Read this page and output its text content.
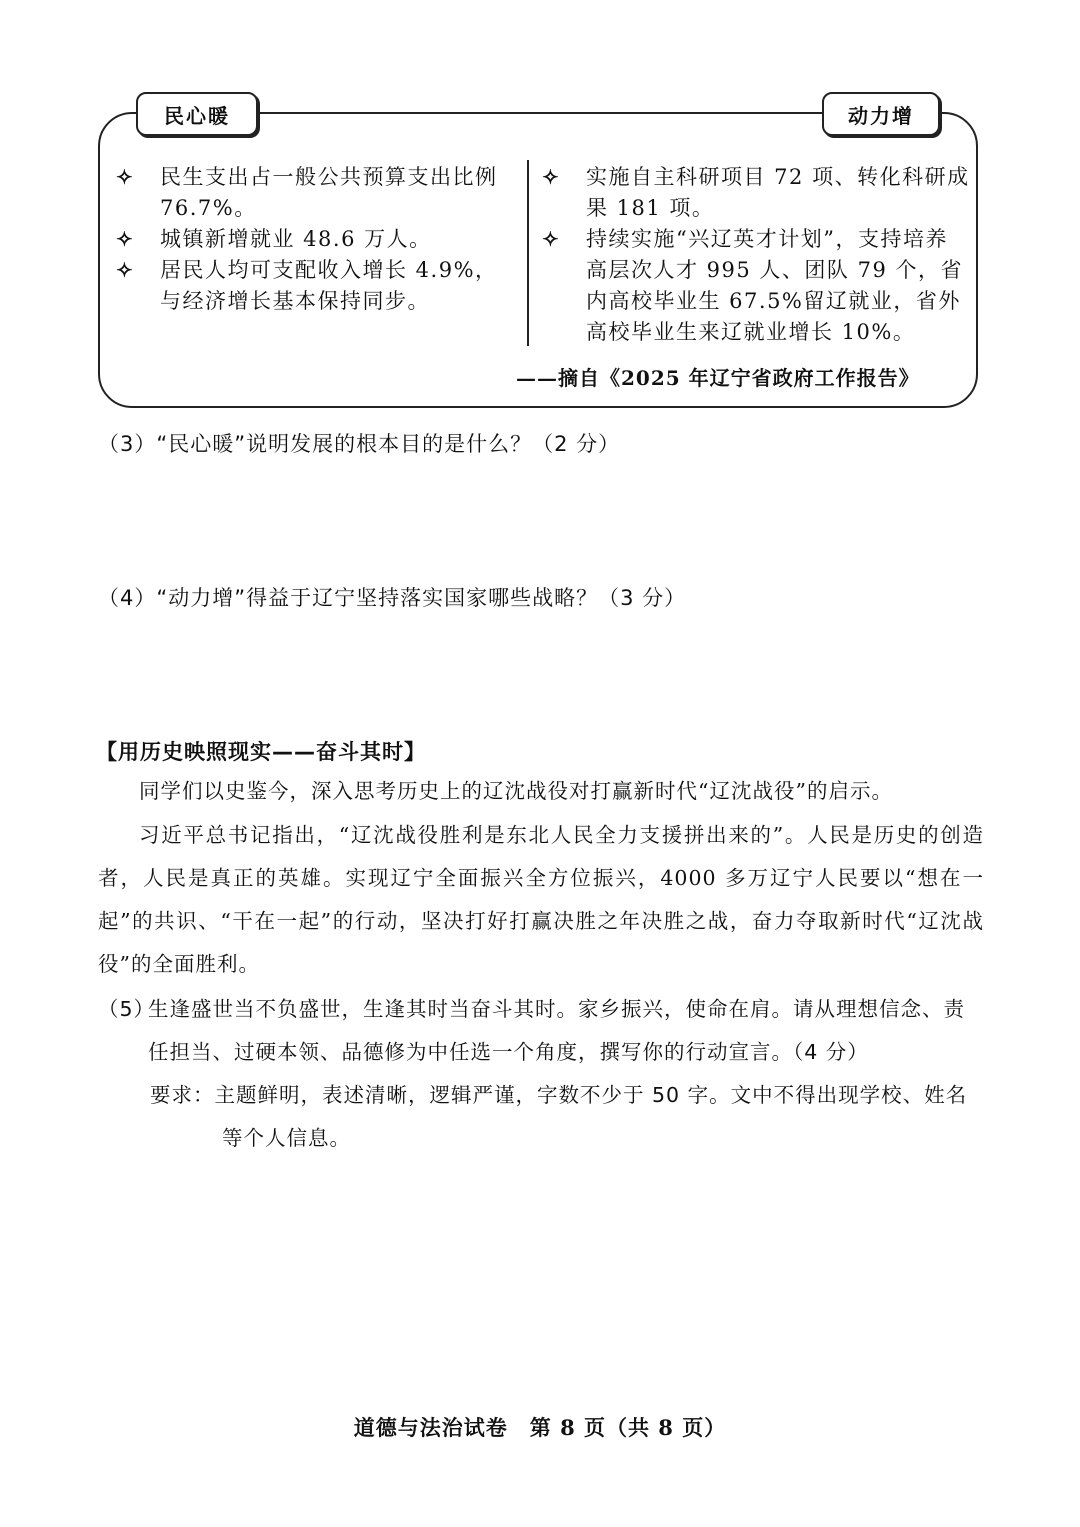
民心暖	动力增
✧ 民生支出占一般公共预算支出比例 76.7%。
✧ 城镇新增就业 48.6 万人。
✧ 居民人均可支配收入增长 4.9%，与经济增长基本保持同步。
✧ 实施自主科研项目 72 项、转化科研成果 181 项。
✧ 持续实施“兴辽英才计划”，支持培养高层次人才 995 人、团队 79 个，省内高校毕业生 67.5%留辽就业，省外高校毕业生来辽就业增长 10%。
——摘自《2025 年辽宁省政府工作报告》
（3）“民心暖”说明发展的根本目的是什么？（2 分）
（4）“动力增”得益于辽宁坚持落实国家哪些战略？（3 分）
【用历史映照现实——奋斗其时】

同学们以史鉴今，深入思考历史上的辽沈战役对打赢新时代“辽沈战役”的启示。

习近平总书记指出，“辽沈战役胜利是东北人民全力支援拼出来的”。人民是历史的创造者，人民是真正的英雄。实现辽宁全面振兴全方位振兴，4000 多万辽宁人民要以“想在一起”的共识、“干在一起”的行动，坚决打好打赢决胜之年决胜之战，奋力夺取新时代“辽沈战役”的全面胜利。

（5）
生逢盛世当不负盛世，生逢其时当奋斗其时。家乡振兴，使命在肩。请从理想信念、责任担当、过硬本领、品德修为中任选一个角度，撰写你的行动宣言。（4 分）
要求：主题鲜明，表述清晰，逻辑严谨，字数不少于 50 字。文中不得出现学校、姓名等个人信息。
道德与法治试卷　第 8 页（共 8 页）
